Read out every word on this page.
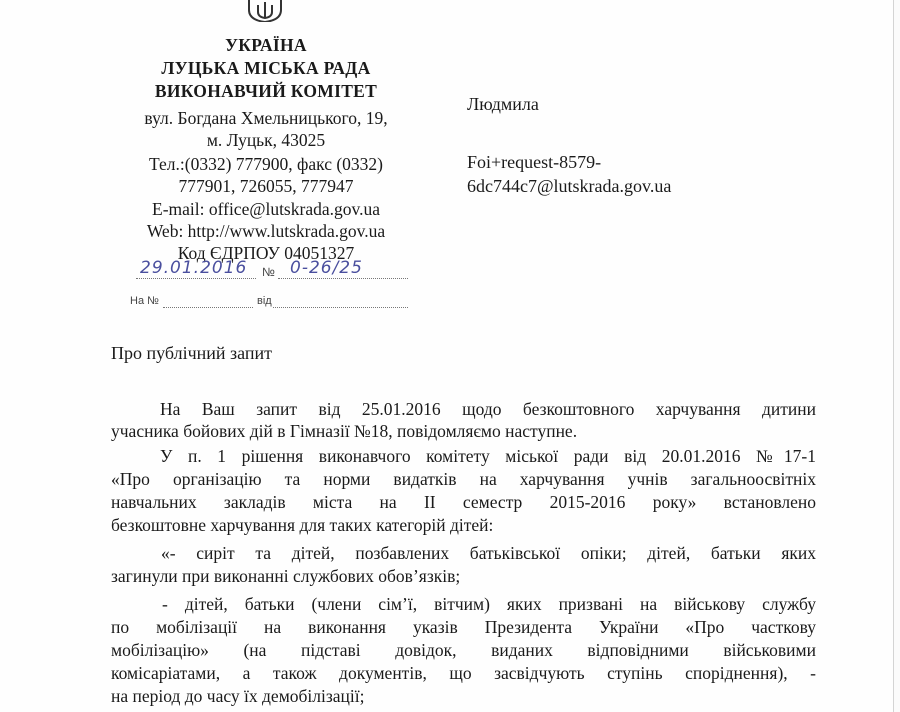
УКРАЇНА
ЛУЦЬКА МІСЬКА РАДА
ВИКОНАВЧИЙ КОМІТЕТ
вул. Богдана Хмельницького, 19,
м. Луцьк, 43025
Тел.:(0332) 777900, факс (0332)
777901, 726055, 777947
E-mail: office@lutskrada.gov.ua
Web: http://www.lutskrada.gov.ua
Код ЄДРПОУ 04051327
29.01.2016 № 0-26/25
На №	від
Людмила
Foi+request-8579-
6dc744c7@lutskrada.gov.ua
Про публічний запит
На Ваш запит від 25.01.2016 щодо безкоштовного харчування дитини
учасника бойових дій в Гімназії №18, повідомляємо наступне.
У п. 1 рішення виконавчого комітету міської ради від 20.01.2016 №17-1
«Про організацію та норми видатків на харчування учнів загальноосвітніх
навчальних закладів міста на ІІ семестр 2015-2016 року» встановлено
безкоштовне харчування для таких категорій дітей:
«- сиріт та дітей, позбавлених батьківської опіки; дітей, батьки яких
загинули при виконанні службових обов’язків;
- дітей, батьки (члени сім’ї, вітчим) яких призвані на військову службу
по мобілізації на виконання указів Президента України «Про часткову
мобілізацію» (на підставі довідок, виданих відповідними військовими
комісаріатами, а також документів, що засвідчують ступінь споріднення), -
на період до часу їх демобілізації;
